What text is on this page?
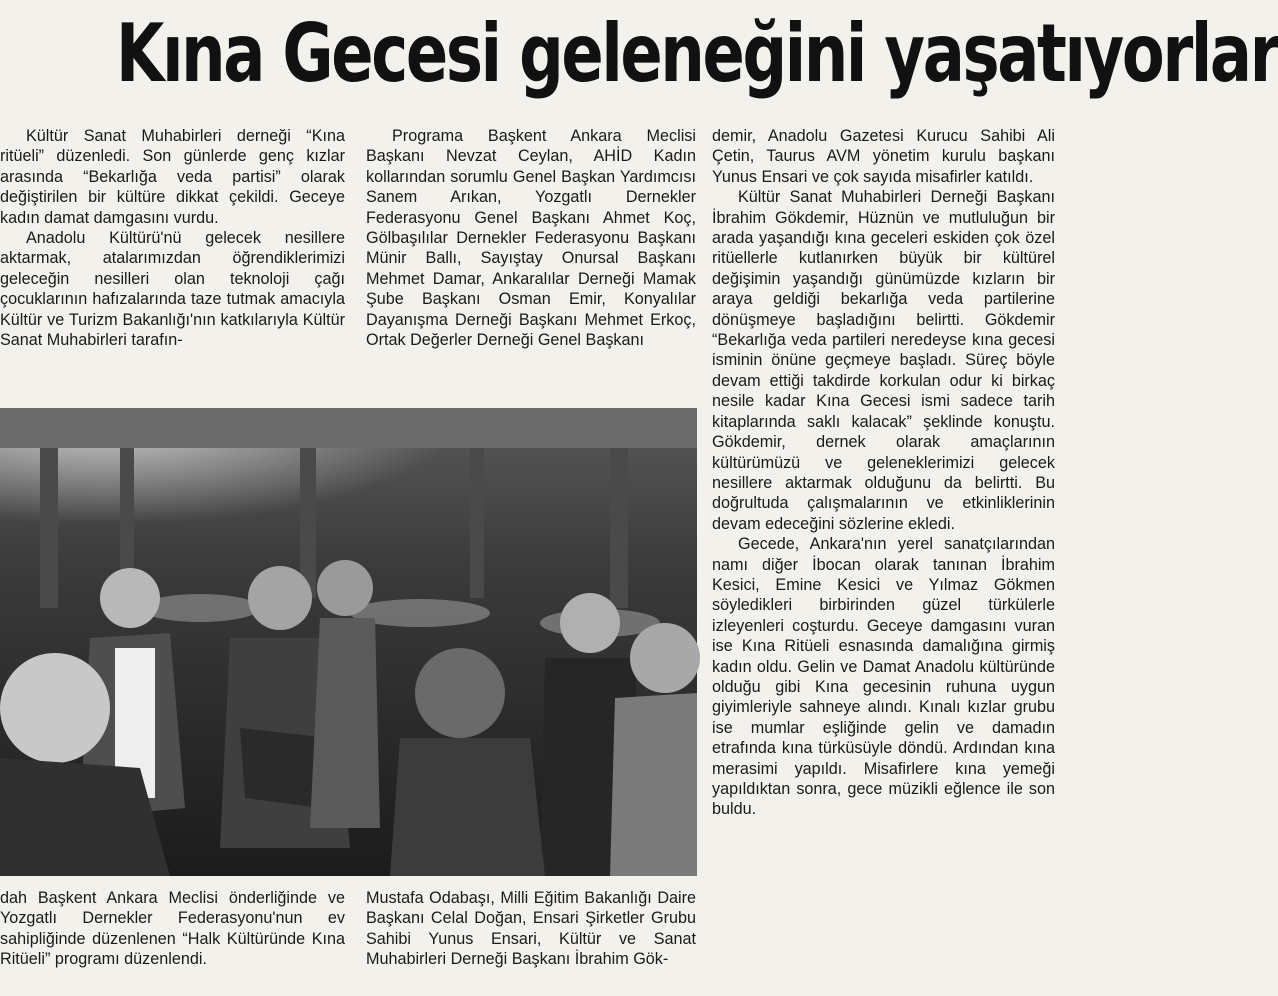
Kına Gecesi geleneğini yaşatıyorlar

Kültür Sanat Muhabirleri derneği “Kına ritüeli” düzenledi. Son günlerde genç kızlar arasında “Bekarlığa veda partisi” olarak değiştirilen bir kültüre dikkat çekildi. Geceye kadın damat damgasını vurdu.

Anadolu Kültürü'nü gelecek nesillere aktarmak, atalarımızdan öğrendiklerimizi geleceğin nesilleri olan teknoloji çağı çocuklarının hafızalarında taze tutmak amacıyla Kültür ve Turizm Bakanlığı'nın katkılarıyla Kültür Sanat Muhabirleri tarafın-

Programa Başkent Ankara Meclisi Başkanı Nevzat Ceylan, AHİD Kadın kollarından sorumlu Genel Başkan Yardımcısı Sanem Arıkan, Yozgatlı Dernekler Federasyonu Genel Başkanı Ahmet Koç, Gölbaşılılar Dernekler Federasyonu Başkanı Münir Ballı, Sayıştay Onursal Başkanı Mehmet Damar, Ankaralılar Derneği Mamak Şube Başkanı Osman Emir, Konyalılar Dayanışma Derneği Başkanı Mehmet Erkoç, Ortak Değerler Derneği Genel Başkanı

demir, Anadolu Gazetesi Kurucu Sahibi Ali Çetin, Taurus AVM yönetim kurulu başkanı Yunus Ensari ve çok sayıda misafirler katıldı.

Kültür Sanat Muhabirleri Derneği Başkanı İbrahim Gökdemir, Hüznün ve mutluluğun bir arada yaşandığı kına geceleri eskiden çok özel ritüellerle kutlanırken büyük bir kültürel değişimin yaşandığı günümüzde kızların bir araya geldiği bekarlığa veda partilerine dönüşmeye başladığını belirtti. Gökdemir “Bekarlığa veda partileri neredeyse kına gecesi isminin önüne geçmeye başladı. Süreç böyle devam ettiği takdirde korkulan odur ki birkaç nesile kadar Kına Gecesi ismi sadece tarih kitaplarında saklı kalacak” şeklinde konuştu. Gökdemir, dernek olarak amaçlarının kültürümüzü ve geleneklerimizi gelecek nesillere aktarmak olduğunu da belirtti. Bu doğrultuda çalışmalarının ve etkinliklerinin devam edeceğini sözlerine ekledi.

Gecede, Ankara'nın yerel sanatçılarından namı diğer İbocan olarak tanınan İbrahim Kesici, Emine Kesici ve Yılmaz Gökmen söyledikleri birbirinden güzel türkülerle izleyenleri coşturdu. Geceye damgasını vuran ise Kına Ritüeli esnasında damalığına girmiş kadın oldu. Gelin ve Damat Anadolu kültüründe olduğu gibi Kına gecesinin ruhuna uygun giyimleriyle sahneye alındı. Kınalı kızlar grubu ise mumlar eşliğinde gelin ve damadın etrafında kına türküsüyle döndü. Ardından kına merasimi yapıldı. Misafirlere kına yemeği yapıldıktan sonra, gece müzikli eğlence ile son buldu.

dah Başkent Ankara Meclisi önderliğinde ve Yozgatlı Dernekler Federasyonu'nun ev sahipliğinde düzenlenen “Halk Kültüründe Kına Ritüeli” programı düzenlendi.

Mustafa Odabaşı, Milli Eğitim Bakanlığı Daire Başkanı Celal Doğan, Ensari Şirketler Grubu Sahibi Yunus Ensari, Kültür ve Sanat Muhabirleri Derneği Başkanı İbrahim Gök-
